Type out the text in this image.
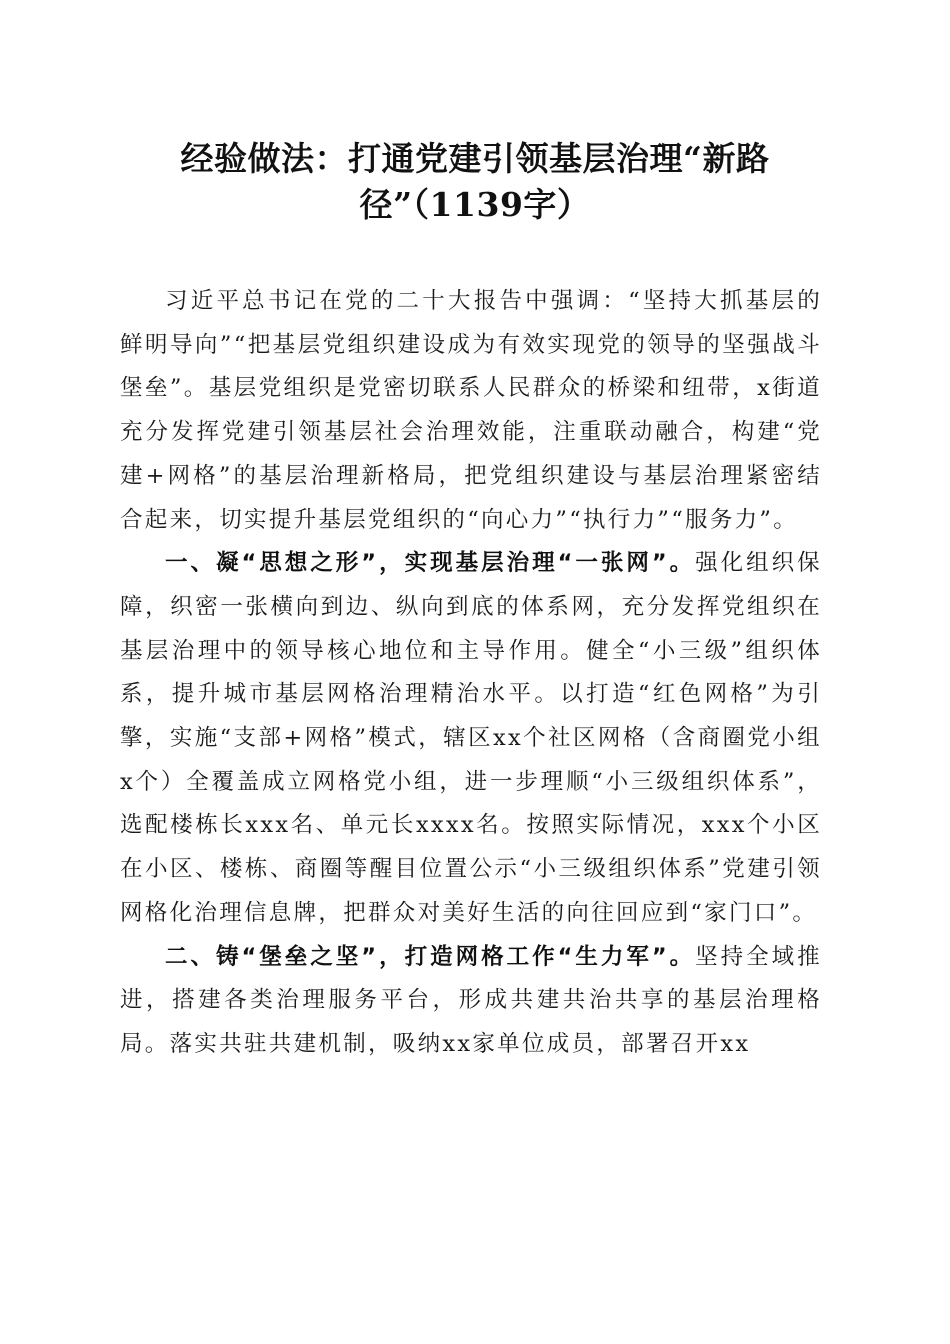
经验做法：打通党建引领基层治理“新路径”（1139字）

习近平总书记在党的二十大报告中强调：“坚持大抓基层的鲜明导向”“把基层党组织建设成为有效实现党的领导的坚强战斗堡垒”。基层党组织是党密切联系人民群众的桥梁和纽带，x街道充分发挥党建引领基层社会治理效能，注重联动融合，构建“党建+网格”的基层治理新格局，把党组织建设与基层治理紧密结合起来，切实提升基层党组织的“向心力”“执行力”“服务力”。

一、凝“思想之形”，实现基层治理“一张网”。强化组织保障，织密一张横向到边、纵向到底的体系网，充分发挥党组织在基层治理中的领导核心地位和主导作用。健全“小三级”组织体系，提升城市基层网格治理精治水平。以打造“红色网格”为引擎，实施“支部+网格”模式，辖区xx个社区网格（含商圈党小组x个）全覆盖成立网格党小组，进一步理顺“小三级组织体系”，选配楼栋长xxx名、单元长xxxx名。按照实际情况，xxx个小区在小区、楼栋、商圈等醒目位置公示“小三级组织体系”党建引领网格化治理信息牌，把群众对美好生活的向往回应到“家门口”。

二、铸“堡垒之坚”，打造网格工作“生力军”。坚持全域推进，搭建各类治理服务平台，形成共建共治共享的基层治理格局。落实共驻共建机制，吸纳xx家单位成员，部署召开xx
